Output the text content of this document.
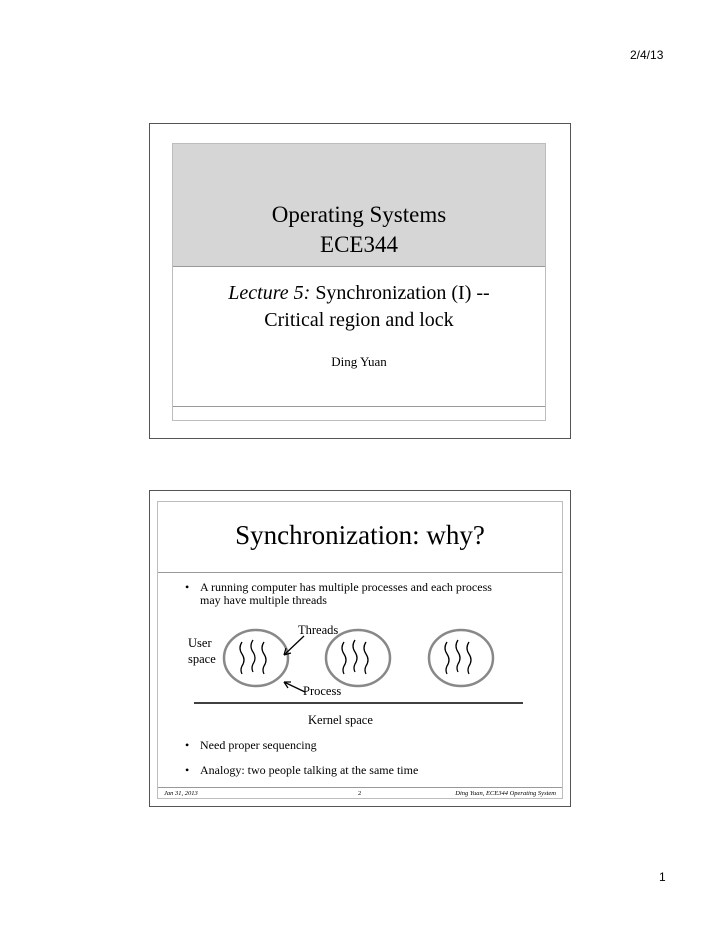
2/4/13
Operating Systems
ECE344
Lecture 5: Synchronization (I) --
Critical region and lock
Ding Yuan
Synchronization: why?
• A running computer has multiple processes and each process may have multiple threads
Threads
User
space
Process
Kernel space
• Need proper sequencing
• Analogy: two people talking at the same time
Jan 31, 2013	2	Ding Yuan, ECE344 Operating System
1
